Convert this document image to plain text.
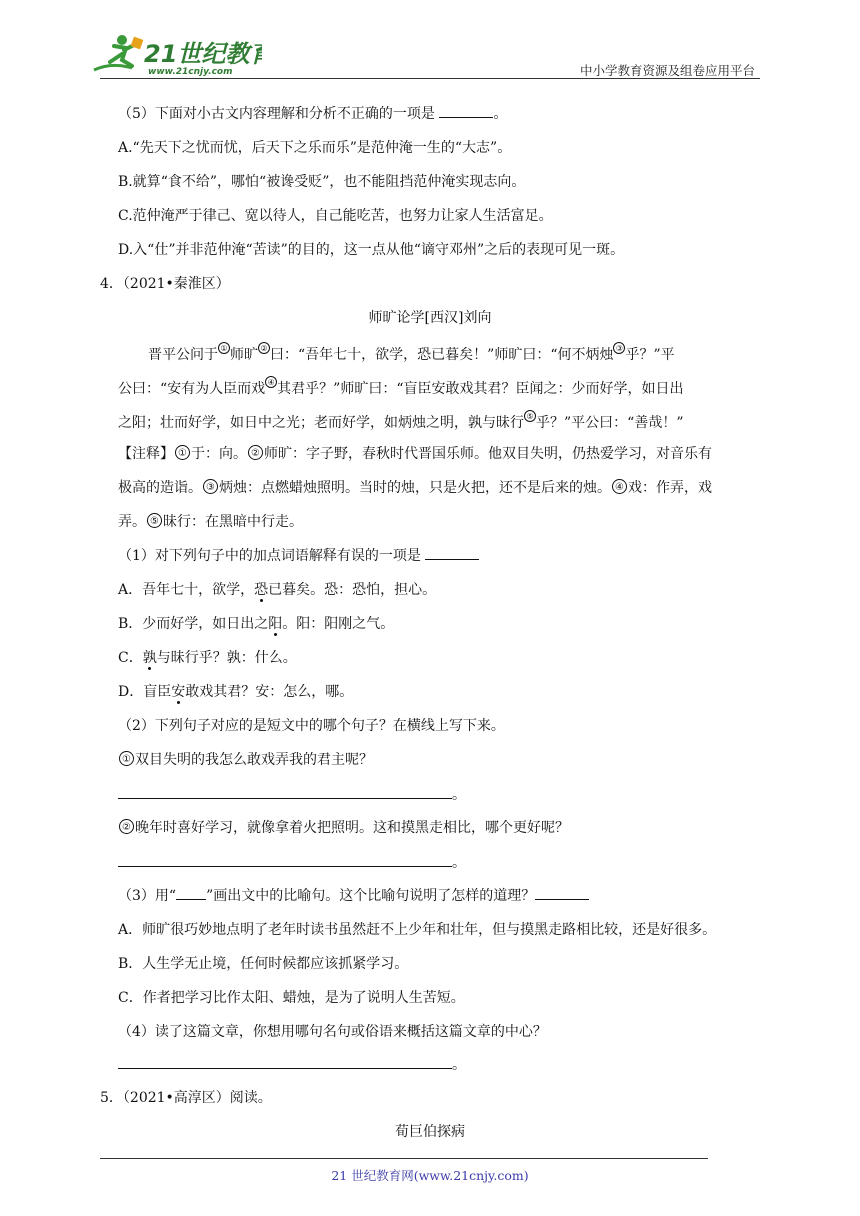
21世纪教育
www.21cnjy.com	中小学教育资源及组卷应用平台
（5）下面对小古文内容理解和分析不正确的一项是	。
A.“先天下之忧而忧，后天下之乐而乐”是范仲淹一生的“大志”。
B.就算“食不给”，哪怕“被谗受贬”，也不能阻挡范仲淹实现志向。
C.范仲淹严于律己、宽以待人，自己能吃苦，也努力让家人生活富足。
D.入“仕”并非范仲淹“苦读”的目的，这一点从他“谪守邓州”之后的表现可见一斑。
4．（2021•秦淮区）
师旷论学[西汉]刘向
晋平公问于 ① 师旷 ② 曰：“吾年七十，欲学，恐已暮矣！”师旷曰：“何不炳烛 ③ 乎？”平
公曰：“安有为人臣而戏 ④ 其君乎？”师旷曰：“盲臣安敢戏其君？臣闻之：少而好学，如日出
之阳；壮而好学，如日中之光；老而好学，如炳烛之明，孰与昧行 ⑤ 乎？”平公曰：“善哉！”
【注释】 ① 于：向。 ② 师旷：字子野，春秋时代晋国乐师。他双目失明，仍热爱学习，对音乐有
极高的造诣。 ③ 炳烛：点燃蜡烛照明。当时的烛，只是火把，还不是后来的烛。 ④ 戏：作弄，戏
弄。 ⑤ 昧行：在黑暗中行走。
（1）对下列句子中的加点词语解释有误的一项是
A．吾年七十，欲学，恐已暮矣。恐：恐怕，担心。
B．少而好学，如日出之阳。阳：阳刚之气。
C．孰与昧行乎？孰：什么。
D．盲臣安敢戏其君？安：怎么，哪。
（2）下列句子对应的是短文中的哪个句子？在横线上写下来。
① 双目失明的我怎么敢戏弄我的君主呢？
。
② 晚年时喜好学习，就像拿着火把照明。这和摸黑走相比，哪个更好呢？
。
（3）用“ ”画出文中的比喻句。这个比喻句说明了怎样的道理？
A．师旷很巧妙地点明了老年时读书虽然赶不上少年和壮年，但与摸黑走路相比较，还是好很多。
B．人生学无止境，任何时候都应该抓紧学习。
C．作者把学习比作太阳、蜡烛，是为了说明人生苦短。
（4）读了这篇文章，你想用哪句名句或俗语来概括这篇文章的中心？
。
5．（2021•高淳区）阅读。
荀巨伯探病
21 世纪教育网(www.21cnjy.com)
